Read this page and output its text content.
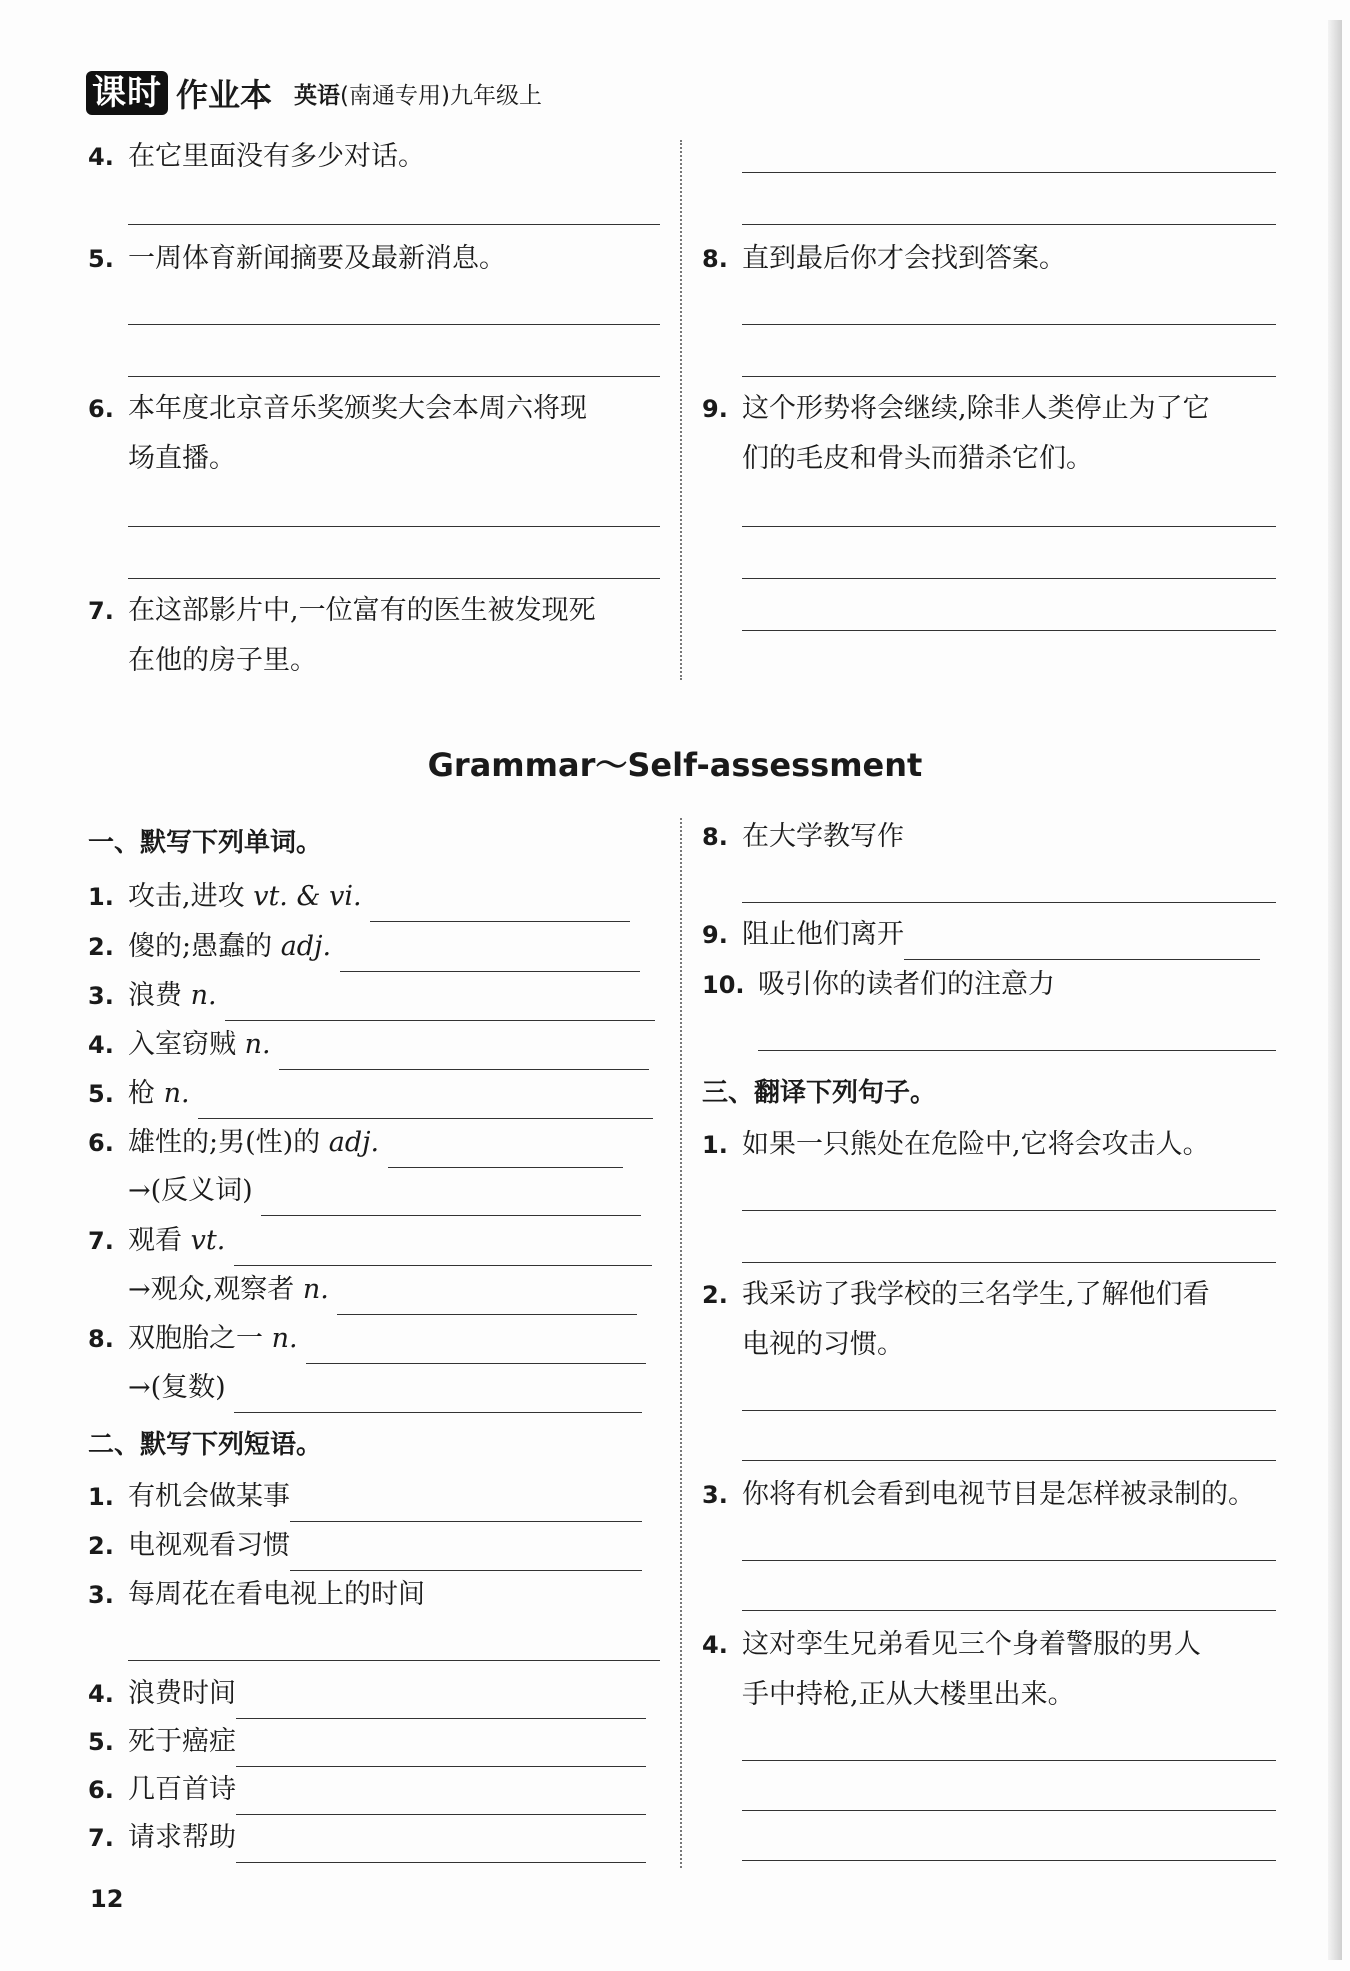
课时 作业本 英语(南通专用)九年级上
4. 在它里面没有多少对话。
5. 一周体育新闻摘要及最新消息。
6. 本年度北京音乐奖颁奖大会本周六将现
场直播。
7. 在这部影片中,一位富有的医生被发现死
在他的房子里。
8. 直到最后你才会找到答案。
9. 这个形势将会继续,除非人类停止为了它
们的毛皮和骨头而猎杀它们。
Grammar～Self-assessment
一、默写下列单词。
1. 攻击,进攻 vt. & vi.
2. 傻的;愚蠢的 adj.
3. 浪费 n.
4. 入室窃贼 n.
5. 枪 n.
6. 雄性的;男(性)的 adj.
→(反义词)
7. 观看 vt.
→观众,观察者 n.
8. 双胞胎之一 n.
→(复数)
二、默写下列短语。
1. 有机会做某事
2. 电视观看习惯
3. 每周花在看电视上的时间
4. 浪费时间
5. 死于癌症
6. 几百首诗
7. 请求帮助
8. 在大学教写作
9. 阻止他们离开
10. 吸引你的读者们的注意力
三、翻译下列句子。
1. 如果一只熊处在危险中,它将会攻击人。
2. 我采访了我学校的三名学生,了解他们看
电视的习惯。
3. 你将有机会看到电视节目是怎样被录制的。
4. 这对孪生兄弟看见三个身着警服的男人
手中持枪,正从大楼里出来。
12
